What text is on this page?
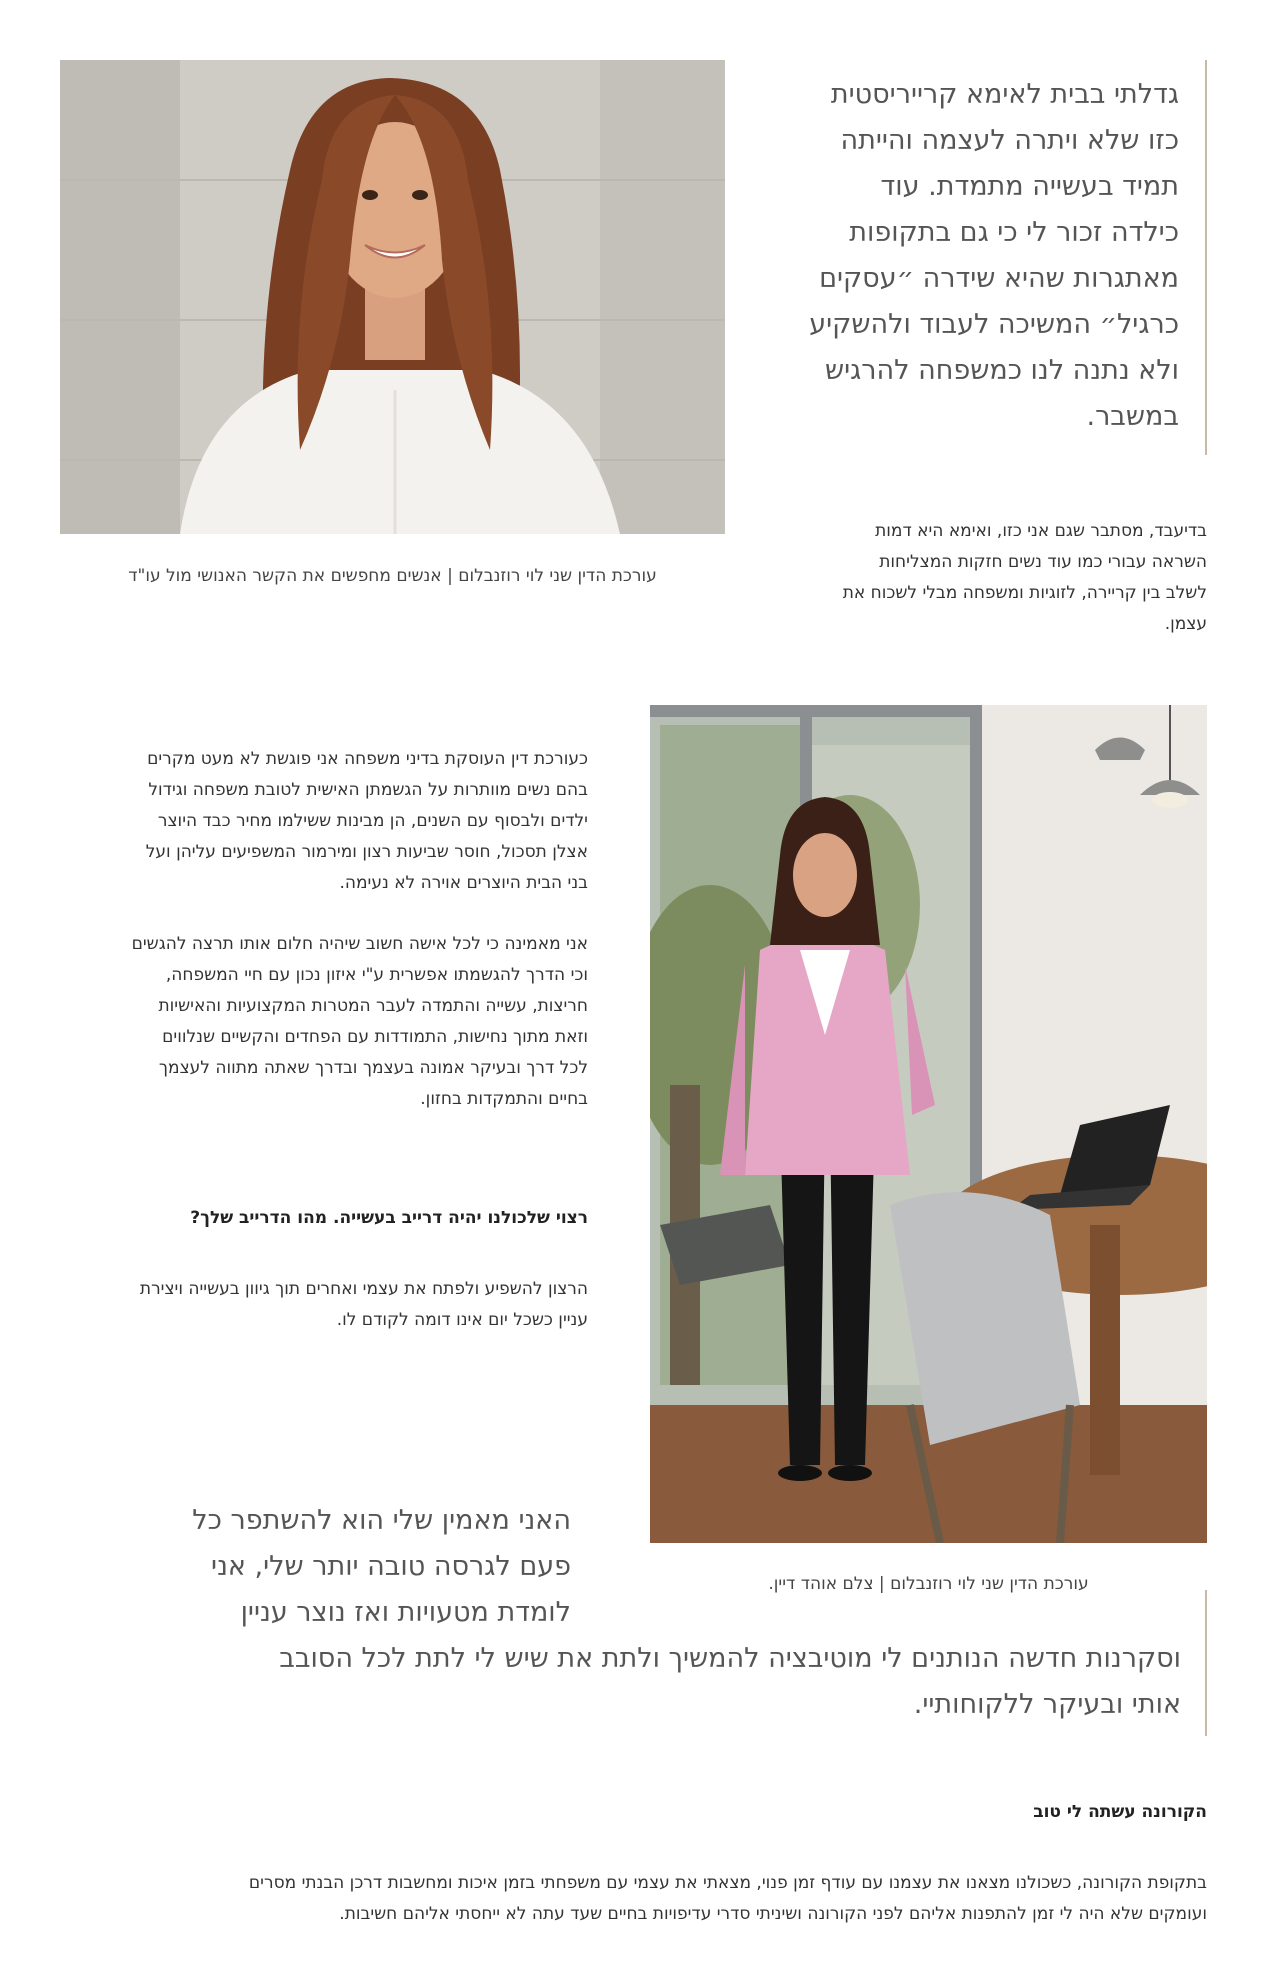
עורכת הדין שני לוי רוזנבלום | אנשים מחפשים את הקשר האנושי מול עו"ד

גדלתי בבית לאימא קרייריסטית

כזו שלא ויתרה לעצמה והייתה

תמיד בעשייה מתמדת. עוד

כילדה זכור לי כי גם בתקופות

מאתגרות שהיא שידרה ״עסקים

כרגיל״ המשיכה לעבוד ולהשקיע

ולא נתנה לנו כמשפחה להרגיש

במשבר.

בדיעבד, מסתבר שגם אני כזו, ואימא היא דמות
השראה עבורי כמו עוד נשים חזקות המצליחות
לשלב בין קריירה, לזוגיות ומשפחה מבלי לשכוח את
עצמן.
עורכת הדין שני לוי רוזנבלום | צלם אוהד דיין.

כעורכת דין העוסקת בדיני משפחה אני פוגשת לא מעט מקרים
בהם נשים מוותרות על הגשמתן האישית לטובת משפחה וגידול
ילדים ולבסוף עם השנים, הן מבינות ששילמו מחיר כבד היוצר
אצלן תסכול, חוסר שביעות רצון ומירמור המשפיעים עליהן ועל
בני הבית היוצרים אוירה לא נעימה.

אני מאמינה כי לכל אישה חשוב שיהיה חלום אותו תרצה להגשים
וכי הדרך להגשמתו אפשרית ע"י איזון נכון עם חיי המשפחה,
חריצות, עשייה והתמדה לעבר המטרות המקצועיות והאישיות
וזאת מתוך נחישות, התמודדות עם הפחדים והקשיים שנלווים
לכל דרך ובעיקר אמונה בעצמך ובדרך שאתה מתווה לעצמך
בחיים והתמקדות בחזון.

רצוי שלכולנו יהיה דרייב בעשייה. מהו הדרייב שלך?
הרצון להשפיע ולפתח את עצמי ואחרים תוך גיוון בעשייה ויצירת
עניין כשכל יום אינו דומה לקודם לו.

האני מאמין שלי הוא להשתפר כל

פעם לגרסה טובה יותר שלי, אני

לומדת מטעויות ואז נוצר עניין

וסקרנות חדשה הנותנים לי מוטיבציה להמשיך ולתת את שיש לי לתת לכל הסובב

אותי ובעיקר ללקוחותיי.

הקורונה עשתה לי טוב
בתקופת הקורונה, כשכולנו מצאנו את עצמנו עם עודף זמן פנוי, מצאתי את עצמי עם משפחתי בזמן איכות ומחשבות דרכן הבנתי מסרים
ועומקים שלא היה לי זמן להתפנות אליהם לפני הקורונה ושיניתי סדרי עדיפויות בחיים שעד עתה לא ייחסתי אליהם חשיבות.
